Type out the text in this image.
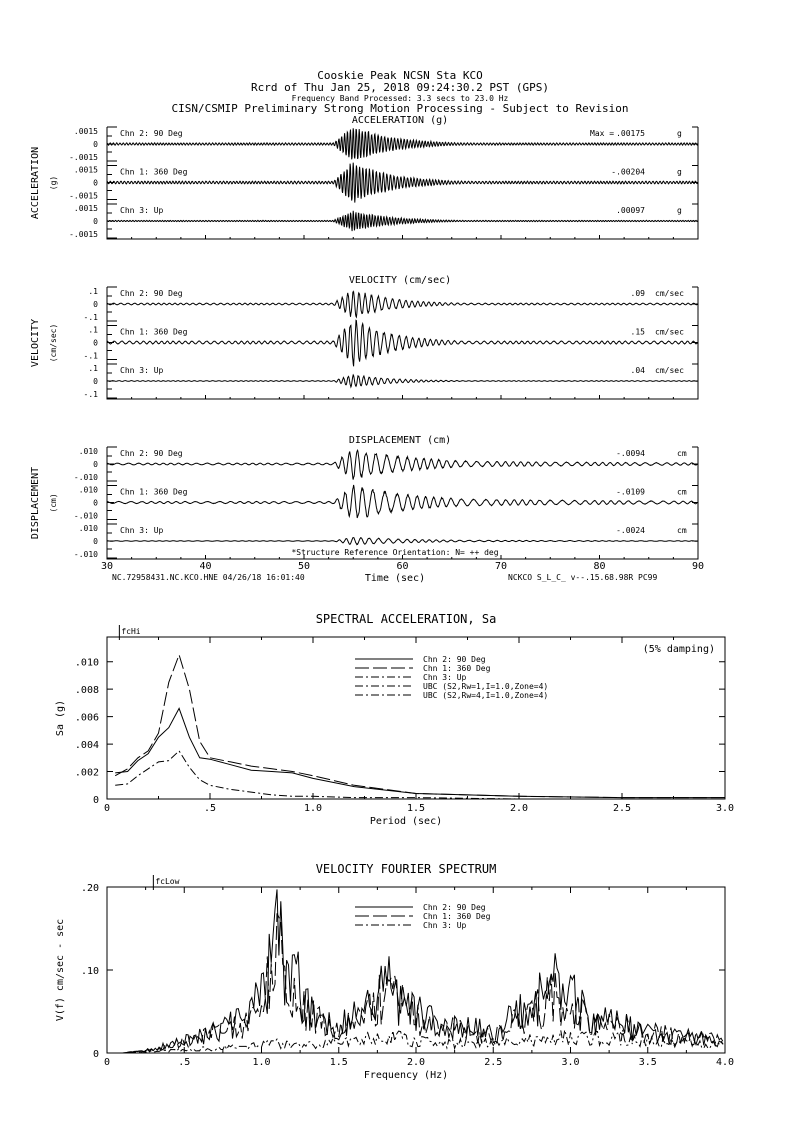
Cooskie Peak NCSN Sta KCO
Rcrd of Thu Jan 25, 2018 09:24:30.2 PST (GPS)
Frequency Band Processed: 3.3 secs to 23.0 Hz
CISN/CSMIP Preliminary Strong Motion Processing - Subject to Revision
ACCELERATION (g)
ACCELERATION (g)
.0015
0
-.0015
Chn 2: 90 Deg	Max = .00175	g
.0015
0
-.0015
Chn 1: 360 Deg	-.00204	g
.0015
0
-.0015
Chn 3: Up	.00097	g
VELOCITY (cm/sec)
VELOCITY (cm/sec)
.1
0
-.1
Chn 2: 90 Deg	.09 cm/sec
.1
0
-.1
Chn 1: 360 Deg	.15 cm/sec
.1
0
-.1
Chn 3: Up	.04 cm/sec
DISPLACEMENT (cm)
DISPLACEMENT (cm)
.010
0
-.010
Chn 2: 90 Deg	-.0094	cm
.010
0
-.010
Chn 1: 360 Deg	-.0109	cm
.010
0
-.010
Chn 3: Up	-.0024	cm
30	40	50	60	70	80	90
Time (sec)
*Structure Reference Orientation: N= ++ deg
NC.72958431.NC.KCO.HNE 04/26/18 16:01:40	NCKCO S_L_C_ v--.15.68.98R PC99
SPECTRAL ACCELERATION, Sa
0	.5	1.0	1.5	2.0	2.5	3.0
Period (sec)
.010
.008
.006
.004
.002
0
Sa (g)
fcHi
(5% damping)
Chn 2: 90 Deg
Chn 1: 360 Deg
Chn 3: Up
UBC (S2,Rw=1,I=1.0,Zone=4)
UBC (S2,Rw=4,I=1.0,Zone=4)
VELOCITY FOURIER SPECTRUM
0	.5	1.0	1.5	2.0	2.5	3.0	3.5	4.0
Frequency (Hz)
.20
.10
0
V(f) cm/sec - sec
fcLow
Chn 2: 90 Deg
Chn 1: 360 Deg
Chn 3: Up
